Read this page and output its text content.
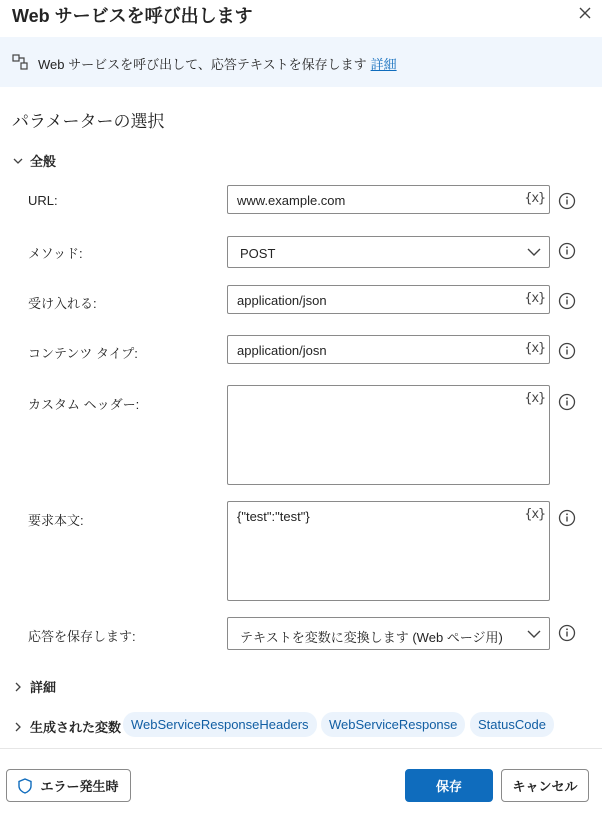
Web サービスを呼び出します
Web サービスを呼び出して、応答テキストを保存します 詳細
パラメーターの選択
全般
URL:	www.example.com	{x}
メソッド:	POST
受け入れる:	application/json	{x}
コンテンツ タイプ:	application/josn	{x}
カスタム ヘッダー:	{x}
要求本文:	{"test":"test"}	{x}
応答を保存します:	テキストを変数に変換します (Web ページ用)
詳細
生成された変数 WebServiceResponseHeaders	WebServiceResponse	StatusCode
エラー発生時	保存	キャンセル
